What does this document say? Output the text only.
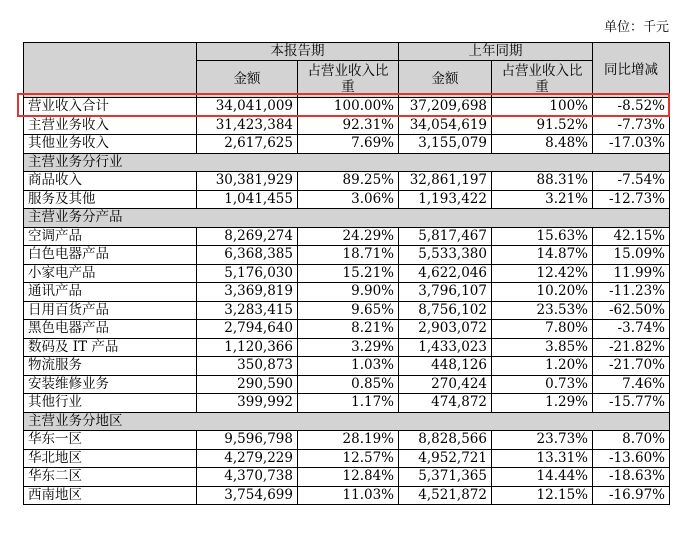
单位：千元
	本报告期		上年同期		同比增减
	金额	占营业收入比重	金额	占营业收入比重	
营业收入合计	34,041,009	100.00%	37,209,698	100%	-8.52%
主营业务收入	31,423,384	92.31%	34,054,619	91.52%	-7.73%
其他业务收入	2,617,625	7.69%	3,155,079	8.48%	-17.03%
主营业务分行业					
商品收入	30,381,929	89.25%	32,861,197	88.31%	-7.54%
服务及其他	1,041,455	3.06%	1,193,422	3.21%	-12.73%
主营业务分产品					
空调产品	8,269,274	24.29%	5,817,467	15.63%	42.15%
白色电器产品	6,368,385	18.71%	5,533,380	14.87%	15.09%
小家电产品	5,176,030	15.21%	4,622,046	12.42%	11.99%
通讯产品	3,369,819	9.90%	3,796,107	10.20%	-11.23%
日用百货产品	3,283,415	9.65%	8,756,102	23.53%	-62.50%
黑色电器产品	2,794,640	8.21%	2,903,072	7.80%	-3.74%
数码及 IT 产品	1,120,366	3.29%	1,433,023	3.85%	-21.82%
物流服务	350,873	1.03%	448,126	1.20%	-21.70%
安装维修业务	290,590	0.85%	270,424	0.73%	7.46%
其他行业	399,992	1.17%	474,872	1.29%	-15.77%
主营业务分地区					
华东一区	9,596,798	28.19%	8,828,566	23.73%	8.70%
华北地区	4,279,229	12.57%	4,952,721	13.31%	-13.60%
华东二区	4,370,738	12.84%	5,371,365	14.44%	-18.63%
西南地区	3,754,699	11.03%	4,521,872	12.15%	-16.97%
